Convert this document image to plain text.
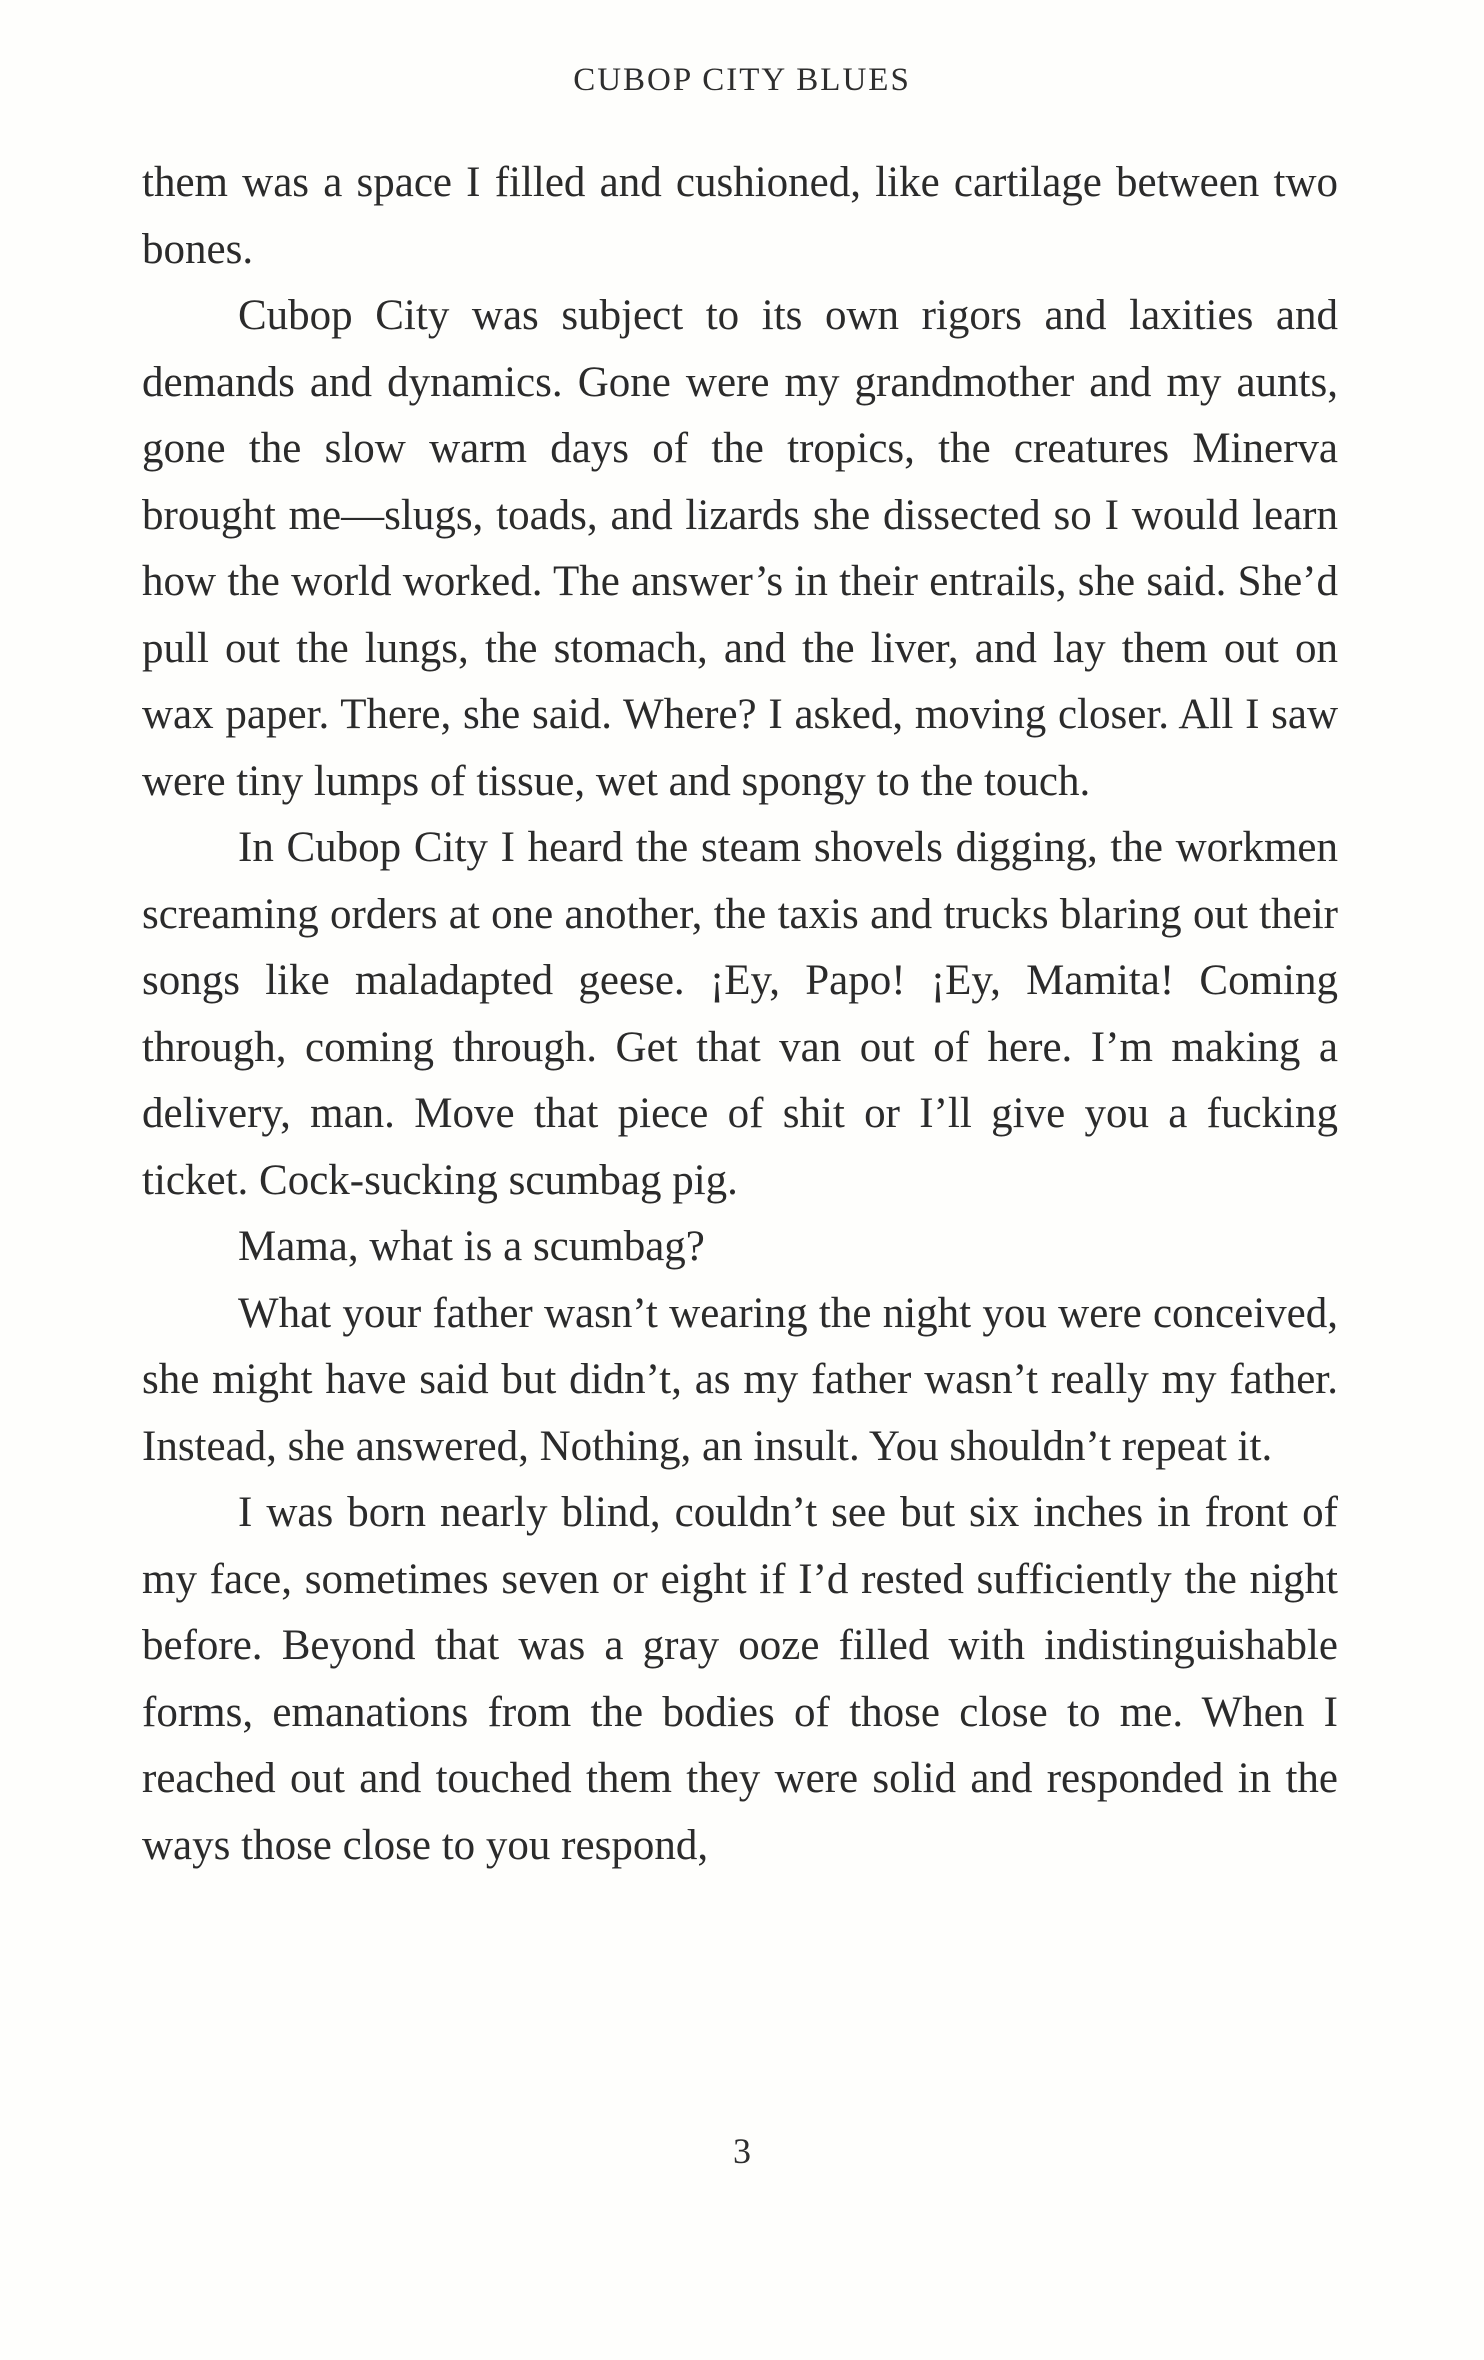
CUBOP CITY BLUES

them was a space I filled and cushioned, like cartilage between two bones.

Cubop City was subject to its own rigors and laxities and demands and dynamics. Gone were my grandmother and my aunts, gone the slow warm days of the tropics, the creatures Minerva brought me—slugs, toads, and lizards she dissected so I would learn how the world worked. The answer’s in their entrails, she said. She’d pull out the lungs, the stomach, and the liver, and lay them out on wax paper. There, she said. Where? I asked, moving closer. All I saw were tiny lumps of tissue, wet and spongy to the touch.

In Cubop City I heard the steam shovels digging, the workmen screaming orders at one another, the taxis and trucks blaring out their songs like maladapted geese. ¡Ey, Papo! ¡Ey, Mamita! Coming through, coming through. Get that van out of here. I’m making a delivery, man. Move that piece of shit or I’ll give you a fucking ticket. Cock-sucking scumbag pig.

Mama, what is a scumbag?

What your father wasn’t wearing the night you were conceived, she might have said but didn’t, as my father wasn’t really my father. Instead, she answered, Nothing, an insult. You shouldn’t repeat it.

I was born nearly blind, couldn’t see but six inches in front of my face, sometimes seven or eight if I’d rested sufficiently the night before. Beyond that was a gray ooze filled with indistinguishable forms, emanations from the bodies of those close to me. When I reached out and touched them they were solid and responded in the ways those close to you respond,

3
